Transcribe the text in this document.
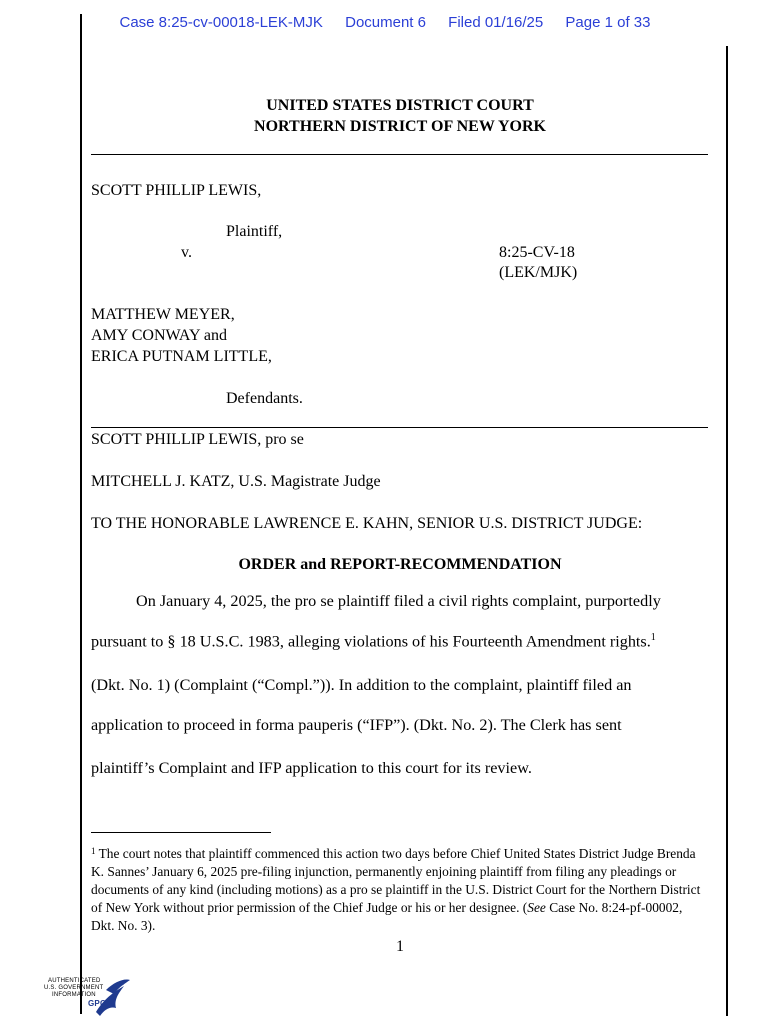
Case 8:25-cv-00018-LEK-MJK Document 6 Filed 01/16/25 Page 1 of 33
UNITED STATES DISTRICT COURT
NORTHERN DISTRICT OF NEW YORK
SCOTT PHILLIP LEWIS,
Plaintiff,
v.	8:25-CV-18
(LEK/MJK)
MATTHEW MEYER,
AMY CONWAY and
ERICA PUTNAM LITTLE,
Defendants.
SCOTT PHILLIP LEWIS, pro se
MITCHELL J. KATZ, U.S. Magistrate Judge
TO THE HONORABLE LAWRENCE E. KAHN, SENIOR U.S. DISTRICT JUDGE:
ORDER and REPORT-RECOMMENDATION
On January 4, 2025, the pro se plaintiff filed a civil rights complaint, purportedly
pursuant to § 18 U.S.C. 1983, alleging violations of his Fourteenth Amendment rights.$^1$
(Dkt. No. 1) (Complaint (“Compl.”)). In addition to the complaint, plaintiff filed an
application to proceed in forma pauperis (“IFP”). (Dkt. No. 2). The Clerk has sent
plaintiff’s Complaint and IFP application to this court for its review.
$^1$ The court notes that plaintiff commenced this action two days before Chief United States District Judge Brenda K. Sannes’ January 6, 2025 pre-filing injunction, permanently enjoining plaintiff from filing any pleadings or documents of any kind (including motions) as a pro se plaintiff in the U.S. District Court for the Northern District of New York without prior permission of the Chief Judge or his or her designee. (See Case No. 8:24-pf-00002, Dkt. No. 3).
1
AUTHENTICATED
U.S. GOVERNMENT
INFORMATION
GPO
